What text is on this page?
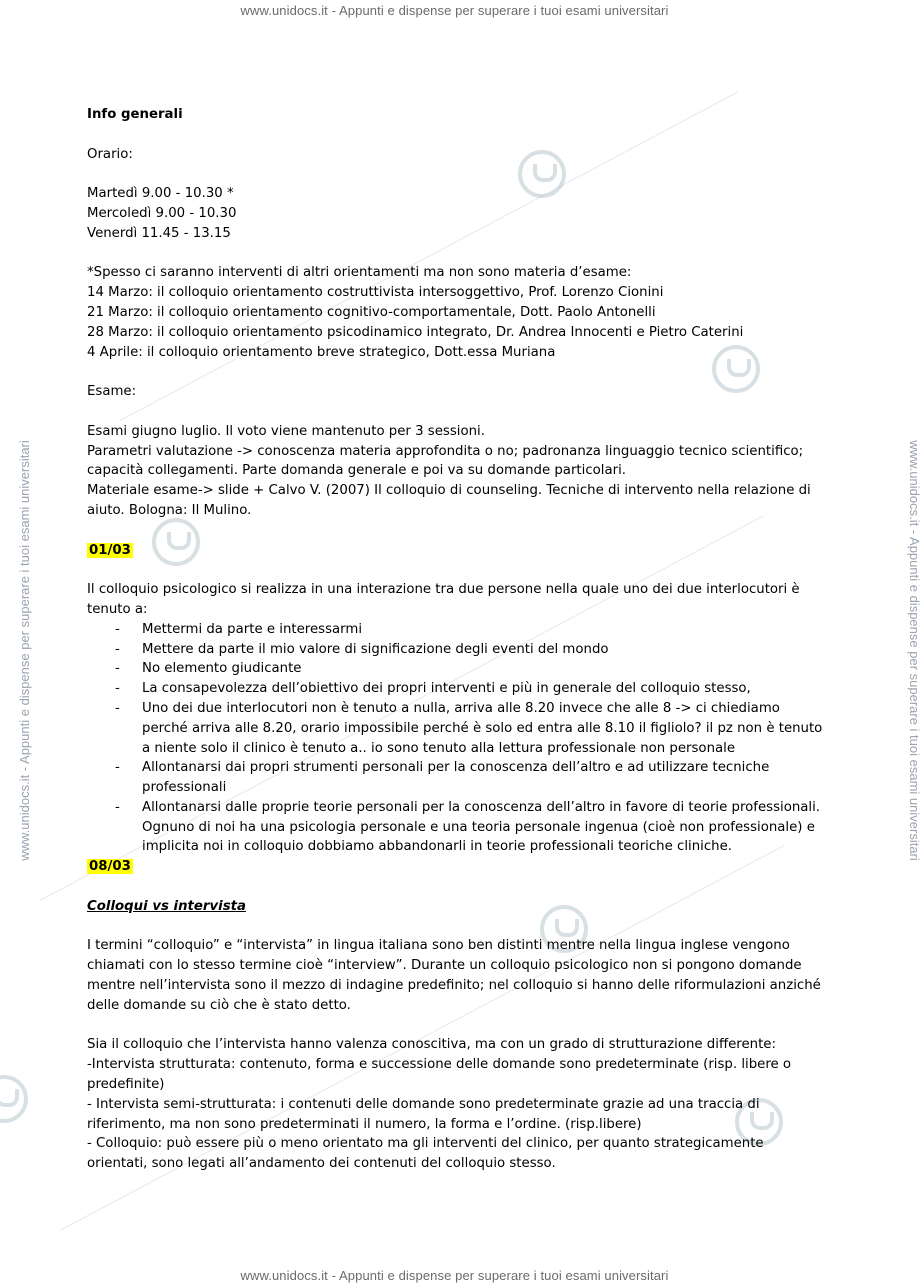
www.unidocs.it - Appunti e dispense per superare i tuoi esami universitari
www.unidocs.it - Appunti e dispense per superare i tuoi esami universitari
www.unidocs.it - Appunti e dispense per superare i tuoi esami universitari	www.unidocs.it - Appunti e dispense per superare i tuoi esami universitari

Info generali

Orario:

Martedì 9.00 - 10.30 *

Mercoledì 9.00 - 10.30

Venerdì 11.45 - 13.15

*Spesso ci saranno interventi di altri orientamenti ma non sono materia d’esame:

14 Marzo: il colloquio orientamento costruttivista intersoggettivo, Prof. Lorenzo Cionini

21 Marzo: il colloquio orientamento cognitivo-comportamentale, Dott. Paolo Antonelli

28 Marzo: il colloquio orientamento psicodinamico integrato, Dr. Andrea Innocenti e Pietro Caterini

4 Aprile: il colloquio orientamento breve strategico, Dott.essa Muriana

Esame:

Esami giugno luglio. Il voto viene mantenuto per 3 sessioni.

Parametri valutazione -> conoscenza materia approfondita o no; padronanza linguaggio tecnico scientifico; capacità collegamenti. Parte domanda generale e poi va su domande particolari.

Materiale esame-> slide + Calvo V. (2007) Il colloquio di counseling. Tecniche di intervento nella relazione di aiuto. Bologna: Il Mulino.

01/03

Il colloquio psicologico si realizza in una interazione tra due persone nella quale uno dei due interlocutori è tenuto a:

- Mettermi da parte e interessarmi
- Mettere da parte il mio valore di significazione degli eventi del mondo
- No elemento giudicante
- La consapevolezza dell’obiettivo dei propri interventi e più in generale del colloquio stesso,
- Uno dei due interlocutori non è tenuto a nulla, arriva alle 8.20 invece che alle 8 -> ci chiediamo perché arriva alle 8.20, orario impossibile perché è solo ed entra alle 8.10 il figliolo? il pz non è tenuto a niente solo il clinico è tenuto a.. io sono tenuto alla lettura professionale non personale
- Allontanarsi dai propri strumenti personali per la conoscenza dell’altro e ad utilizzare tecniche professionali
- Allontanarsi dalle proprie teorie personali per la conoscenza dell’altro in favore di teorie professionali. Ognuno di noi ha una psicologia personale e una teoria personale ingenua (cioè non professionale) e implicita noi in colloquio dobbiamo abbandonarli in teorie professionali teoriche cliniche.

08/03

Colloqui vs intervista

I termini “colloquio” e “intervista” in lingua italiana sono ben distinti mentre nella lingua inglese vengono chiamati con lo stesso termine cioè “interview”. Durante un colloquio psicologico non si pongono domande mentre nell’intervista sono il mezzo di indagine predefinito; nel colloquio si hanno delle riformulazioni anziché delle domande su ciò che è stato detto.

Sia il colloquio che l’intervista hanno valenza conoscitiva, ma con un grado di strutturazione differente:

-Intervista strutturata: contenuto, forma e successione delle domande sono predeterminate (risp. libere o predefinite)

- Intervista semi-strutturata: i contenuti delle domande sono predeterminate grazie ad una traccia di riferimento, ma non sono predeterminati il numero, la forma e l’ordine. (risp.libere)

- Colloquio: può essere più o meno orientato ma gli interventi del clinico, per quanto strategicamente orientati, sono legati all’andamento dei contenuti del colloquio stesso.
